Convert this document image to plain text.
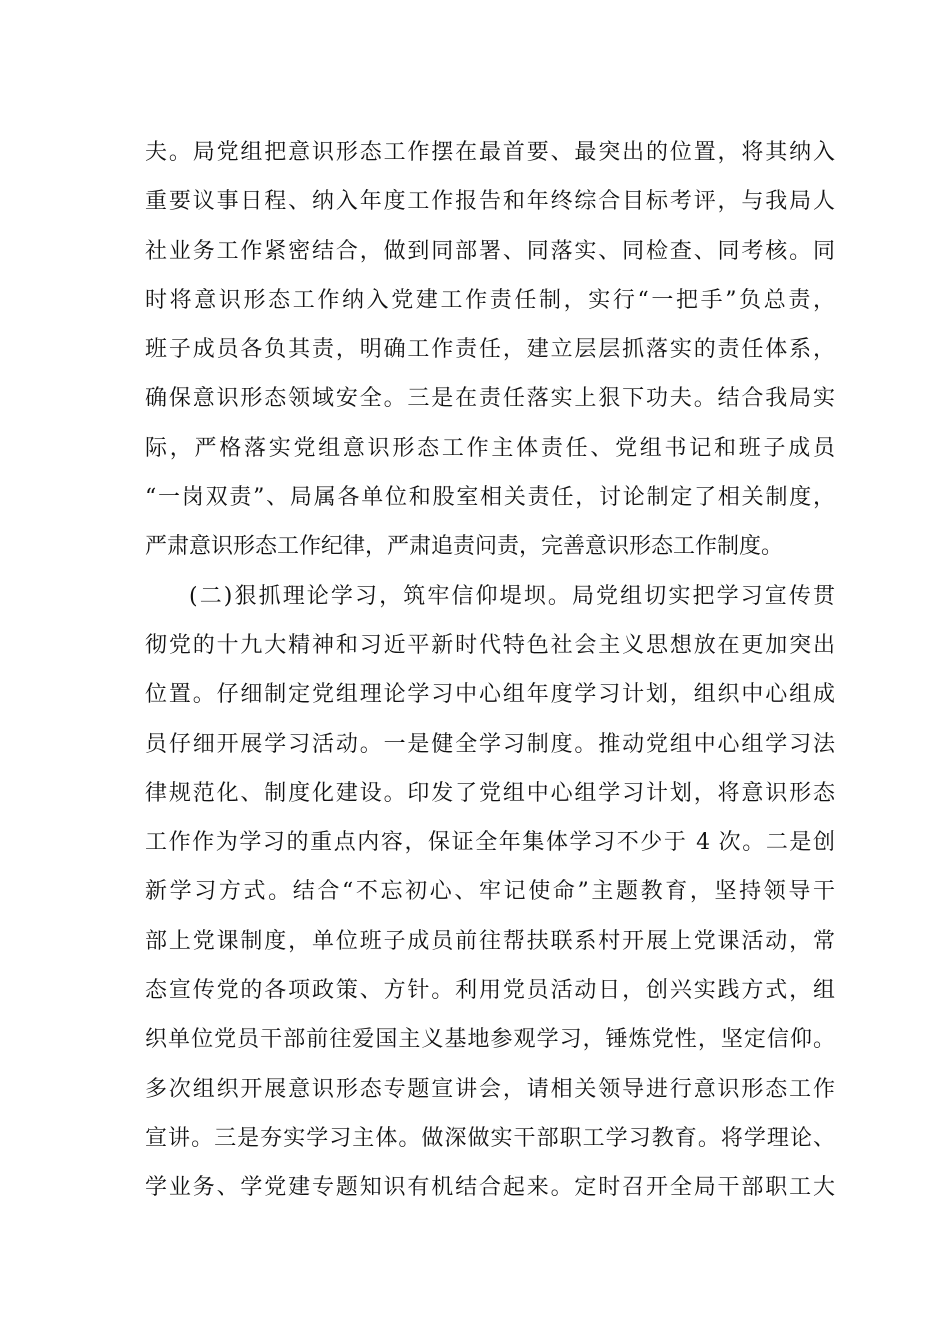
夫。局党组把意识形态工作摆在最首要、最突出的位置，将其纳入
重要议事日程、纳入年度工作报告和年终综合目标考评，与我局人
社业务工作紧密结合，做到同部署、同落实、同检查、同考核。同
时将意识形态工作纳入党建工作责任制，实行“一把手”负总责，
班子成员各负其责，明确工作责任，建立层层抓落实的责任体系，
确保意识形态领域安全。三是在责任落实上狠下功夫。结合我局实
际，严格落实党组意识形态工作主体责任、党组书记和班子成员
“一岗双责”、局属各单位和股室相关责任，讨论制定了相关制度，
严肃意识形态工作纪律，严肃追责问责，完善意识形态工作制度。
(二)狠抓理论学习，筑牢信仰堤坝。局党组切实把学习宣传贯
彻党的十九大精神和习近平新时代特色社会主义思想放在更加突出
位置。仔细制定党组理论学习中心组年度学习计划，组织中心组成
员仔细开展学习活动。一是健全学习制度。推动党组中心组学习法
律规范化、制度化建设。印发了党组中心组学习计划，将意识形态
工作作为学习的重点内容，保证全年集体学习不少于 4 次。二是创
新学习方式。结合“不忘初心、牢记使命”主题教育，坚持领导干
部上党课制度，单位班子成员前往帮扶联系村开展上党课活动，常
态宣传党的各项政策、方针。利用党员活动日，创兴实践方式，组
织单位党员干部前往爱国主义基地参观学习，锤炼党性，坚定信仰。
多次组织开展意识形态专题宣讲会，请相关领导进行意识形态工作
宣讲。三是夯实学习主体。做深做实干部职工学习教育。将学理论、
学业务、学党建专题知识有机结合起来。定时召开全局干部职工大
